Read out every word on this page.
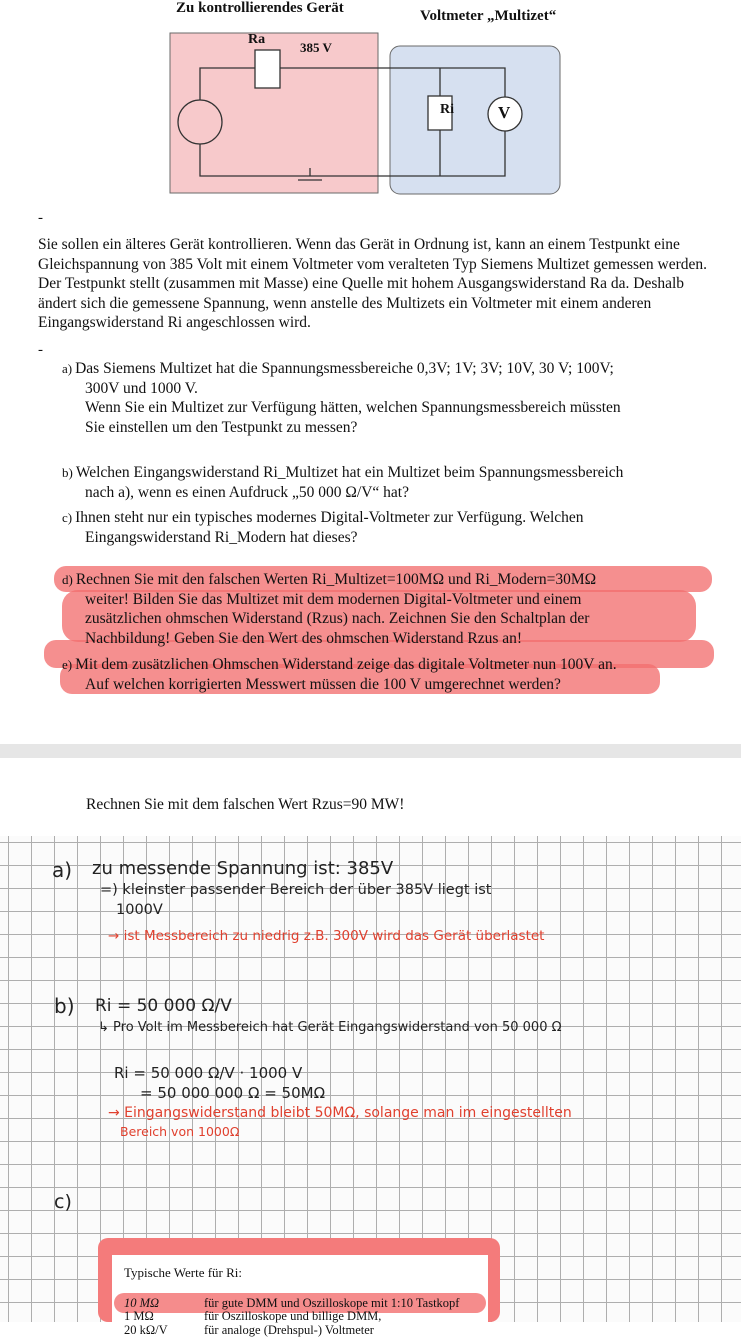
Zu kontrollierendes Gerät	Voltmeter „Multizet“
Ra
385 V
Ri	V
-
Sie sollen ein älteres Gerät kontrollieren. Wenn das Gerät in Ordnung ist, kann an einem Testpunkt eine Gleichspannung von 385 Volt mit einem Voltmeter vom veralteten Typ Siemens Multizet gemessen werden. Der Testpunkt stellt (zusammen mit Masse) eine Quelle mit hohem Ausgangswiderstand Ra da. Deshalb ändert sich die gemessene Spannung, wenn anstelle des Multizets ein Voltmeter mit einem anderen Eingangswiderstand Ri angeschlossen wird.
-
a) Das Siemens Multizet hat die Spannungsmessbereiche 0,3V; 1V; 3V; 10V, 30 V; 100V;
300V und 1000 V.
Wenn Sie ein Multizet zur Verfügung hätten, welchen Spannungsmessbereich müssten
Sie einstellen um den Testpunkt zu messen?
b) Welchen Eingangswiderstand Ri_Multizet hat ein Multizet beim Spannungsmessbereich
nach a), wenn es einen Aufdruck „50 000 Ω/V“ hat?
c) Ihnen steht nur ein typisches modernes Digital-Voltmeter zur Verfügung. Welchen
Eingangswiderstand Ri_Modern hat dieses?
d) Rechnen Sie mit den falschen Werten Ri_Multizet=100MΩ und Ri_Modern=30MΩ
weiter! Bilden Sie das Multizet mit dem modernen Digital-Voltmeter und einem
zusätzlichen ohmschen Widerstand (Rzus) nach. Zeichnen Sie den Schaltplan der
Nachbildung! Geben Sie den Wert des ohmschen Widerstand Rzus an!
e) Mit dem zusätzlichen Ohmschen Widerstand zeige das digitale Voltmeter nun 100V an.
Auf welchen korrigierten Messwert müssen die 100 V umgerechnet werden?
Rechnen Sie mit dem falschen Wert Rzus=90 MW!
a) zu messende Spannung ist: 385V
=) kleinster passender Bereich der über 385V liegt ist
1000V
→ ist Messbereich zu niedrig z.B. 300V wird das Gerät überlastet
b) Ri = 50 000 Ω/V
↳ Pro Volt im Messbereich hat Gerät Eingangswiderstand von 50 000 Ω
Ri = 50 000 Ω/V · 1000 V
= 50 000 000 Ω = 50MΩ
→ Eingangswiderstand bleibt 50MΩ, solange man im eingestellten
Bereich von 1000Ω
c)
Typische Werte für Ri:
10 MΩ	für gute DMM und Oszilloskope mit 1:10 Tastkopf
1 MΩ	für Oszilloskope und billige DMM,
20 kΩ/V	für analoge (Drehspul-) Voltmeter
